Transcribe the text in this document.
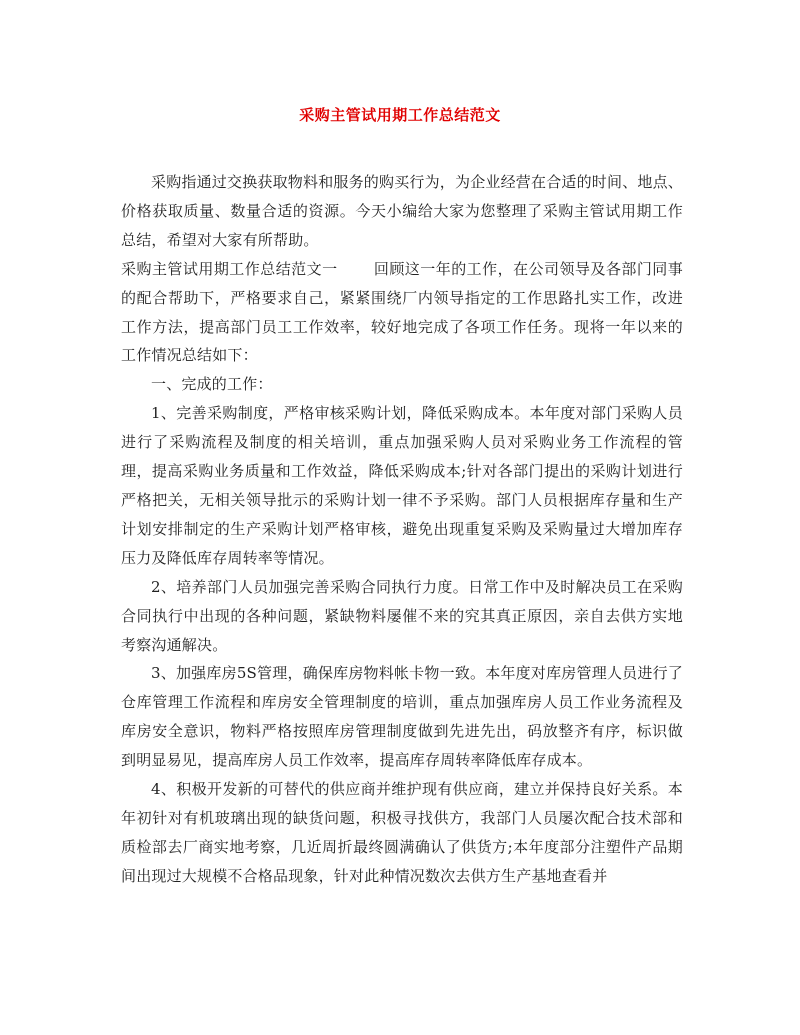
采购主管试用期工作总结范文

采购指通过交换获取物料和服务的购买行为，为企业经营在合适的时间、地点、价格获取质量、数量合适的资源。今天小编给大家为您整理了采购主管试用期工作总结，希望对大家有所帮助。

采购主管试用期工作总结范文一 回顾这一年的工作，在公司领导及各部门同事的配合帮助下，严格要求自己，紧紧围绕厂内领导指定的工作思路扎实工作，改进工作方法，提高部门员工工作效率，较好地完成了各项工作任务。现将一年以来的工作情况总结如下：

一、完成的工作：

1、完善采购制度，严格审核采购计划，降低采购成本。本年度对部门采购人员进行了采购流程及制度的相关培训，重点加强采购人员对采购业务工作流程的管理，提高采购业务质量和工作效益，降低采购成本;针对各部门提出的采购计划进行严格把关，无相关领导批示的采购计划一律不予采购。部门人员根据库存量和生产计划安排制定的生产采购计划严格审核，避免出现重复采购及采购量过大增加库存压力及降低库存周转率等情况。

2、培养部门人员加强完善采购合同执行力度。日常工作中及时解决员工在采购合同执行中出现的各种问题，紧缺物料屡催不来的究其真正原因，亲自去供方实地考察沟通解决。

3、加强库房5S管理，确保库房物料帐卡物一致。本年度对库房管理人员进行了仓库管理工作流程和库房安全管理制度的培训，重点加强库房人员工作业务流程及库房安全意识，物料严格按照库房管理制度做到先进先出，码放整齐有序，标识做到明显易见，提高库房人员工作效率，提高库存周转率降低库存成本。

4、积极开发新的可替代的供应商并维护现有供应商，建立并保持良好关系。本年初针对有机玻璃出现的缺货问题，积极寻找供方，我部门人员屡次配合技术部和质检部去厂商实地考察，几近周折最终圆满确认了供货方;本年度部分注塑件产品期间出现过大规模不合格品现象，针对此种情况数次去供方生产基地查看并
